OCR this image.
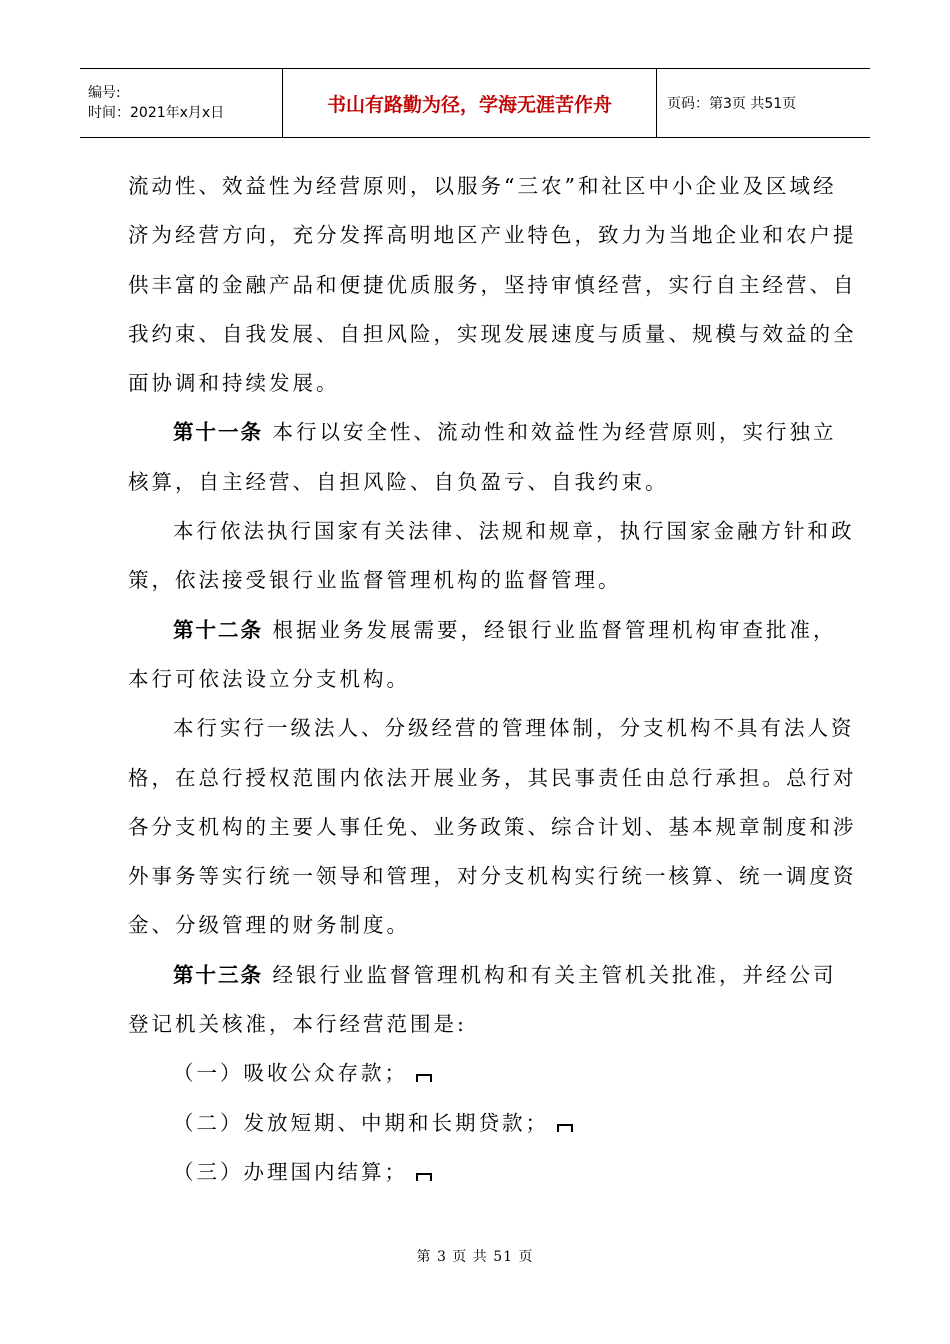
编号:
时间：2021年x月x日	书山有路勤为径，学海无涯苦作舟	页码：第3页 共51页
流动性、效益性为经营原则，以服务“三农”和社区中小企业及区域经
济为经营方向，充分发挥高明地区产业特色，致力为当地企业和农户提
供丰富的金融产品和便捷优质服务，坚持审慎经营，实行自主经营、自
我约束、自我发展、自担风险，实现发展速度与质量、规模与效益的全
面协调和持续发展。
第十一条 本行以安全性、流动性和效益性为经营原则，实行独立
核算，自主经营、自担风险、自负盈亏、自我约束。
本行依法执行国家有关法律、法规和规章，执行国家金融方针和政
策，依法接受银行业监督管理机构的监督管理。
第十二条 根据业务发展需要，经银行业监督管理机构审查批准，
本行可依法设立分支机构。
本行实行一级法人、分级经营的管理体制，分支机构不具有法人资
格，在总行授权范围内依法开展业务，其民事责任由总行承担。总行对
各分支机构的主要人事任免、业务政策、综合计划、基本规章制度和涉
外事务等实行统一领导和管理，对分支机构实行统一核算、统一调度资
金、分级管理的财务制度。
第十三条 经银行业监督管理机构和有关主管机关批准，并经公司
登记机关核准，本行经营范围是:
（一）吸收公众存款；
（二）发放短期、中期和长期贷款；
（三）办理国内结算；
第 3 页 共 51 页
